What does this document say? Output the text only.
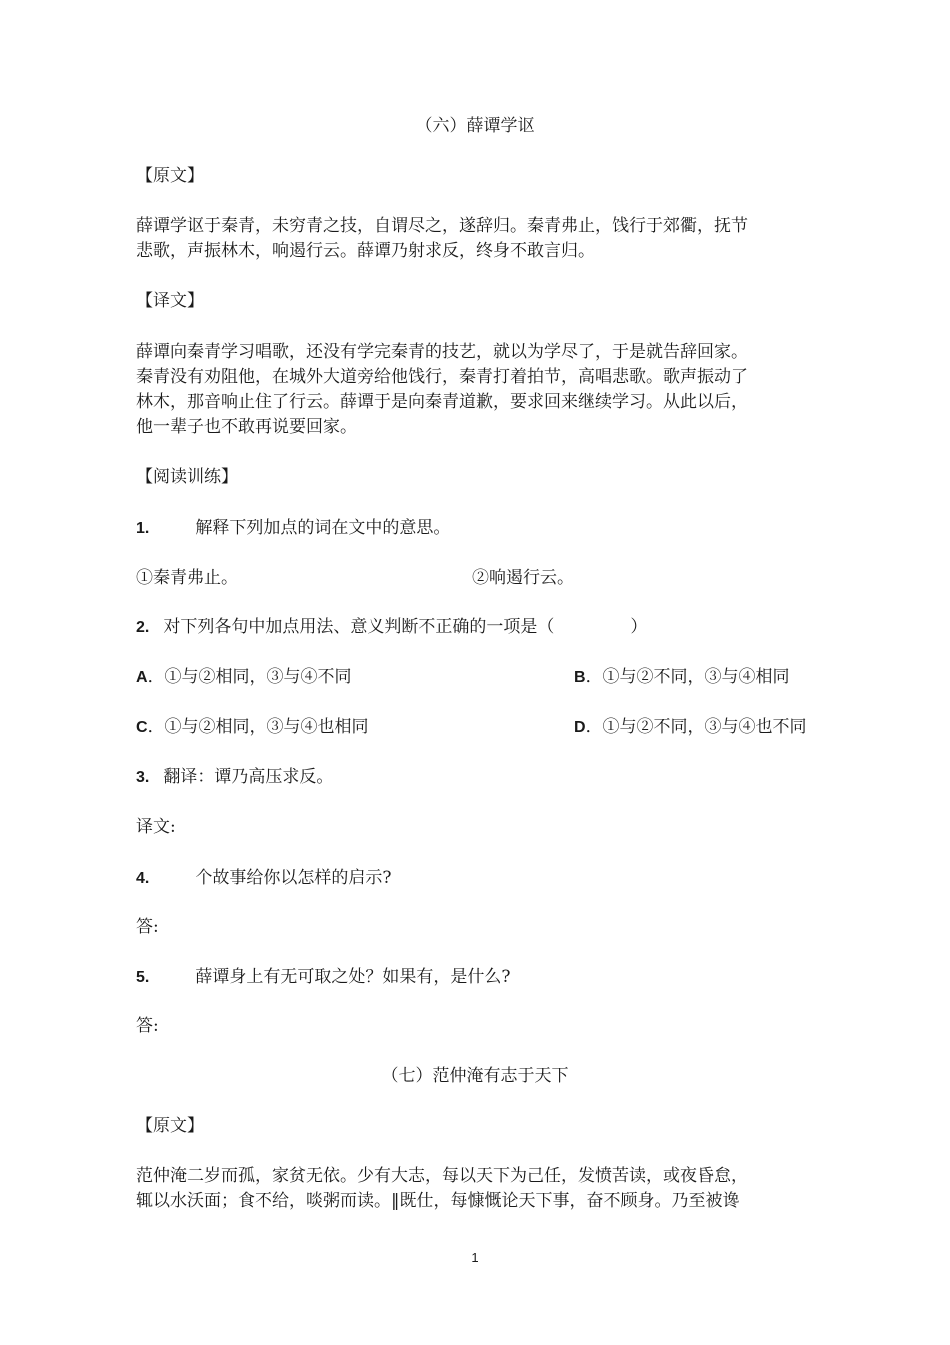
（六）薛谭学讴
【原文】
薛谭学讴于秦青，未穷青之技，自谓尽之，遂辞归。秦青弗止，饯行于郊衢，抚节
悲歌，声振林木，响遏行云。薛谭乃射求反，终身不敢言归。
【译文】
薛谭向秦青学习唱歌，还没有学完秦青的技艺，就以为学尽了，于是就告辞回家。
秦青没有劝阻他，在城外大道旁给他饯行，秦青打着拍节，高唱悲歌。歌声振动了
林木，那音响止住了行云。薛谭于是向秦青道歉，要求回来继续学习。从此以后，
他一辈子也不敢再说要回家。
【阅读训练】
1.	解释下列加点的词在文中的意思。
①秦青弗止。	②响遏行云。
2. 对下列各句中加点用法、意义判断不正确的一项是（	）
A．①与②相同，③与④不同	B．①与②不同，③与④相同
C．①与②相同，③与④也相同	D．①与②不同，③与④也不同
3. 翻译：谭乃高压求反。
译文:
4.	个故事给你以怎样的启示?
答:
5.	薛谭身上有无可取之处？如果有，是什么?
答:
（七）范仲淹有志于天下
【原文】
范仲淹二岁而孤，家贫无依。少有大志，每以天下为己任，发愤苦读，或夜昏怠，
辄以水沃面；食不给，啖粥而读。‖既仕，每慷慨论天下事，奋不顾身。乃至被谗
1
